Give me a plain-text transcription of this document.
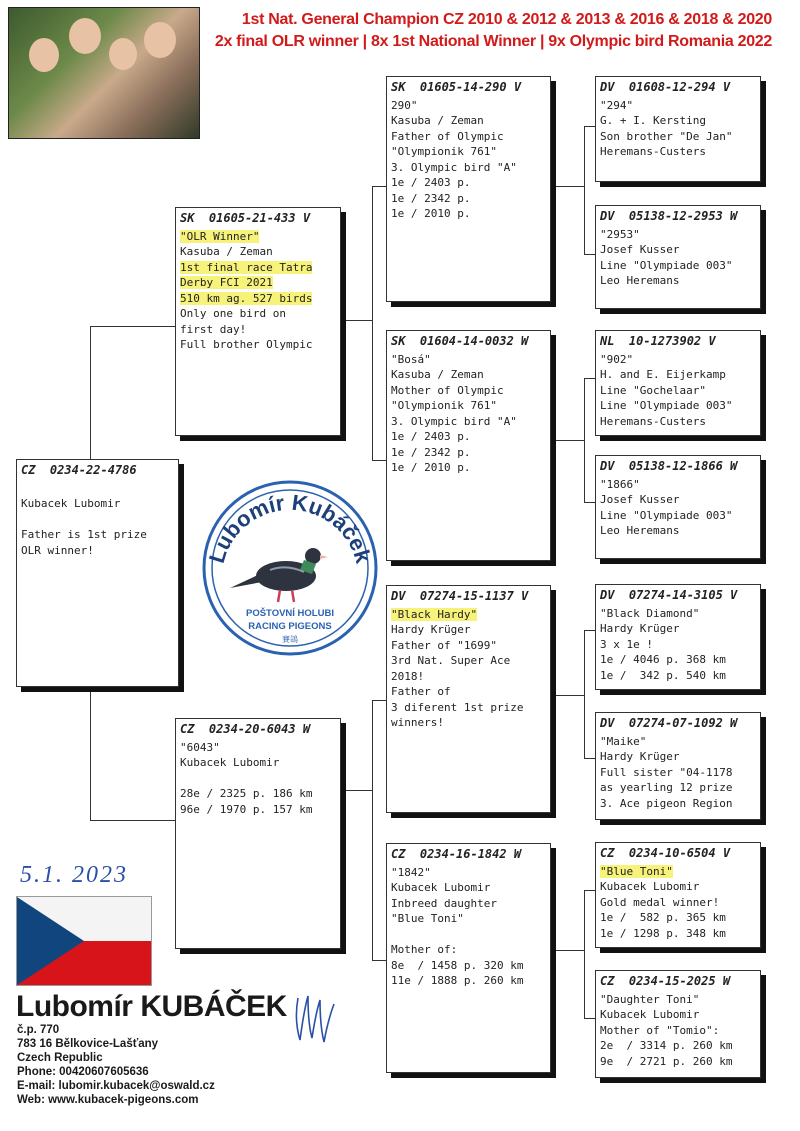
1st Nat. General Champion CZ 2010 & 2012 & 2013 & 2016 & 2018 & 2020
2x final OLR winner | 8x 1st National Winner | 9x Olympic bird Romania 2022
CZ  0234-22-4786
Kubacek Lubomir
Father is 1st prize
OLR winner!
SK  01605-21-433 V
"OLR Winner"
Kasuba / Zeman
1st final race Tatra
Derby FCI 2021
510 km ag. 527 birds
Only one bird on
first day!
Full brother Olympic
CZ  0234-20-6043 W
"6043"
Kubacek Lubomir
28e / 2325 p. 186 km
96e / 1970 p. 157 km
SK  01605-14-290 V
290"
Kasuba / Zeman
Father of Olympic
"Olympionik 761"
3. Olympic bird "A"
1e / 2403 p.
1e / 2342 p.
1e / 2010 p.
SK  01604-14-0032 W
"Bosá"
Kasuba / Zeman
Mother of Olympic
"Olympionik 761"
3. Olympic bird "A"
1e / 2403 p.
1e / 2342 p.
1e / 2010 p.
DV  07274-15-1137 V
"Black Hardy"
Hardy Krüger
Father of "1699"
3rd Nat. Super Ace
2018!
Father of
3 diferent 1st prize
winners!
CZ  0234-16-1842 W
"1842"
Kubacek Lubomir
Inbreed daughter
"Blue Toni"
Mother of:
8e  / 1458 p. 320 km
11e / 1888 p. 260 km
DV  01608-12-294 V
"294"
G. + I. Kersting
Son brother "De Jan"
Heremans-Custers
DV  05138-12-2953 W
"2953"
Josef Kusser
Line "Olympiade 003"
Leo Heremans
NL  10-1273902 V
"902"
H. and E. Eijerkamp
Line "Gochelaar"
Line "Olympiade 003"
Heremans-Custers
DV  05138-12-1866 W
"1866"
Josef Kusser
Line "Olympiade 003"
Leo Heremans
DV  07274-14-3105 V
"Black Diamond"
Hardy Krüger
3 x 1e !
1e / 4046 p. 368 km
1e /  342 p. 540 km
DV  07274-07-1092 W
"Maike"
Hardy Krüger
Full sister "04-1178
as yearling 12 prize
3. Ace pigeon Region
CZ  0234-10-6504 V
"Blue Toni"
Kubacek Lubomir
Gold medal winner!
1e /  582 p. 365 km
1e / 1298 p. 348 km
CZ  0234-15-2025 W
"Daughter Toni"
Kubacek Lubomir
Mother of "Tomio":
2e  / 3314 p. 260 km
9e  / 2721 p. 260 km
Lubomír Kubáček
POŠTOVNÍ HOLUBI
RACING PIGEONS
賽鴿
5.1. 2023
Lubomír KUBÁČEK
č.p. 770
783 16 Bělkovice-Lašťany
Czech Republic
Phone: 00420607605636
E-mail: lubomir.kubacek@oswald.cz
Web: www.kubacek-pigeons.com
